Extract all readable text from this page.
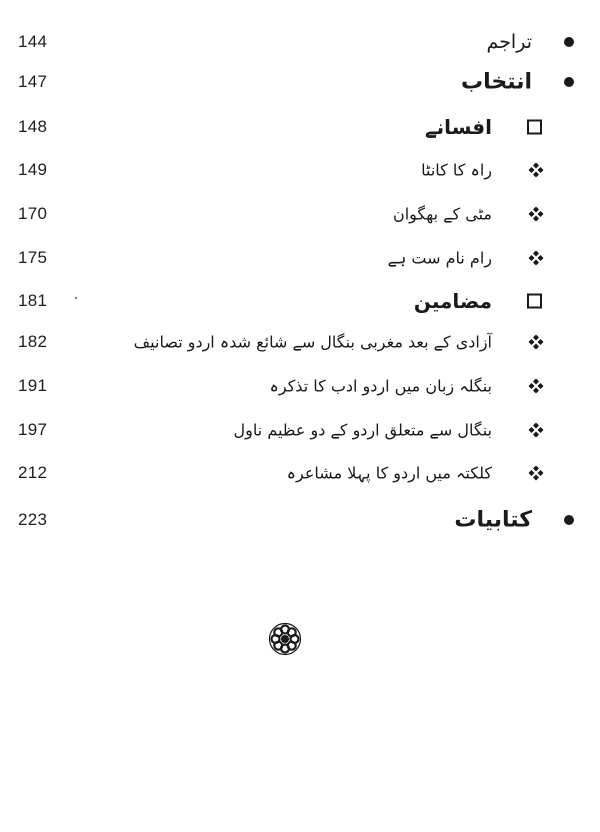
144	تراجم
147	انتخاب
148	افسانے
149	راہ کا کانٹا
170	مٹی کے بھگوان
175	رام نام ست ہے
181	مضامین
182	آزادی کے بعد مغربی بنگال سے شائع شدہ اردو تصانیف
191	بنگلہ زبان میں اردو ادب کا تذکرہ
197	بنگال سے متعلق اردو کے دو عظیم ناول
212	کلکتہ میں اردو کا پہلا مشاعرہ
223	کتابیات
